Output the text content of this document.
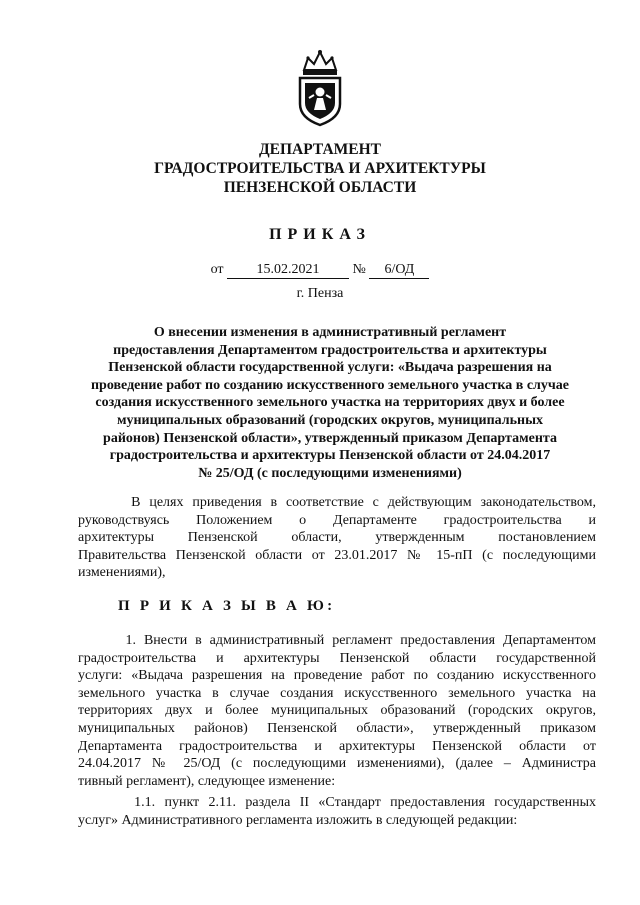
ДЕПАРТАМЕНТ
ГРАДОСТРОИТЕЛЬСТВА И АРХИТЕКТУРЫ
ПЕНЗЕНСКОЙ ОБЛАСТИ
ПРИКАЗ
от 15.02.2021 № 6/ОД
г. Пенза
О внесении изменения в административный регламент
предоставления Департаментом градостроительства и архитектуры
Пензенской области государственной услуги: «Выдача разрешения на
проведение работ по созданию искусственного земельного участка в случае
создания искусственного земельного участка на территориях двух и более
муниципальных образований (городских округов, муниципальных
районов) Пензенской области», утвержденный приказом Департамента
градостроительства и архитектуры Пензенской области от 24.04.2017
№ 25/ОД (с последующими изменениями)
В целях приведения в соответствие с действующим законодательством,
руководствуясь Положением о Департаменте градостроительства и
архитектуры Пензенской области, утвержденным постановлением
Правительства Пензенской области от 23.01.2017 № 15-пП (с последующими
изменениями),
П Р И К А З Ы В А Ю:
1. Внести в административный регламент предоставления Департаментом
градостроительства и архитектуры Пензенской области государственной
услуги: «Выдача разрешения на проведение работ по созданию искусственного
земельного участка в случае создания искусственного земельного участка на
территориях двух и более муниципальных образований (городских округов,
муниципальных районов) Пензенской области», утвержденный приказом
Департамента градостроительства и архитектуры Пензенской области от
24.04.2017 № 25/ОД (с последующими изменениями), (далее – Администра
тивный регламент), следующее изменение:
1.1. пункт 2.11. раздела II «Стандарт предоставления государственных
услуг» Административного регламента изложить в следующей редакции:
